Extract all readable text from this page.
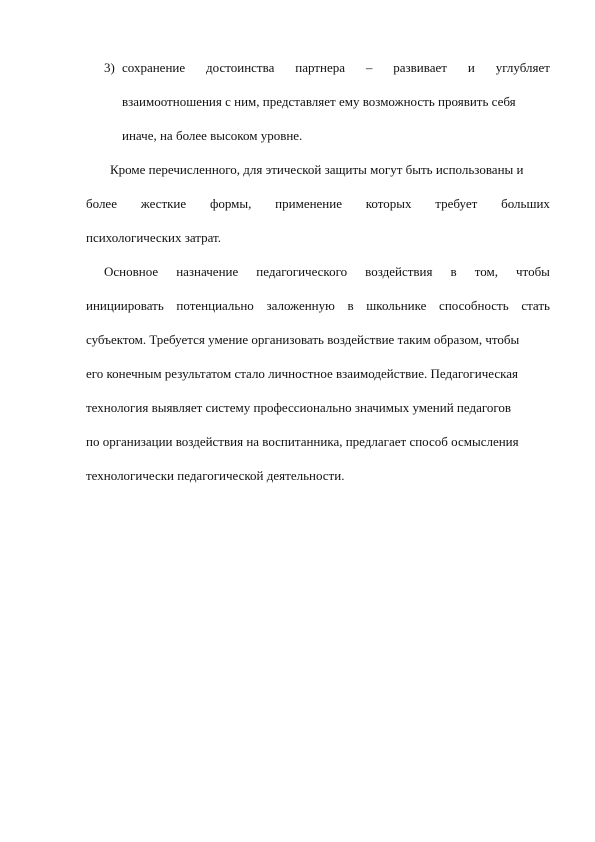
3) сохранение достоинства партнера – развивает и углубляет
взаимоотношения с ним, представляет ему возможность проявить себя
иначе, на более высоком уровне.
Кроме перечисленного, для этической защиты могут быть использованы и
более жесткие формы, применение которых требует больших
психологических затрат.
Основное назначение педагогического воздействия в том, чтобы
инициировать потенциально заложенную в школьнике способность стать
субъектом. Требуется умение организовать воздействие таким образом, чтобы
его конечным результатом стало личностное взаимодействие. Педагогическая
технология выявляет систему профессионально значимых умений педагогов
по организации воздействия на воспитанника, предлагает способ осмысления
технологически педагогической деятельности.
